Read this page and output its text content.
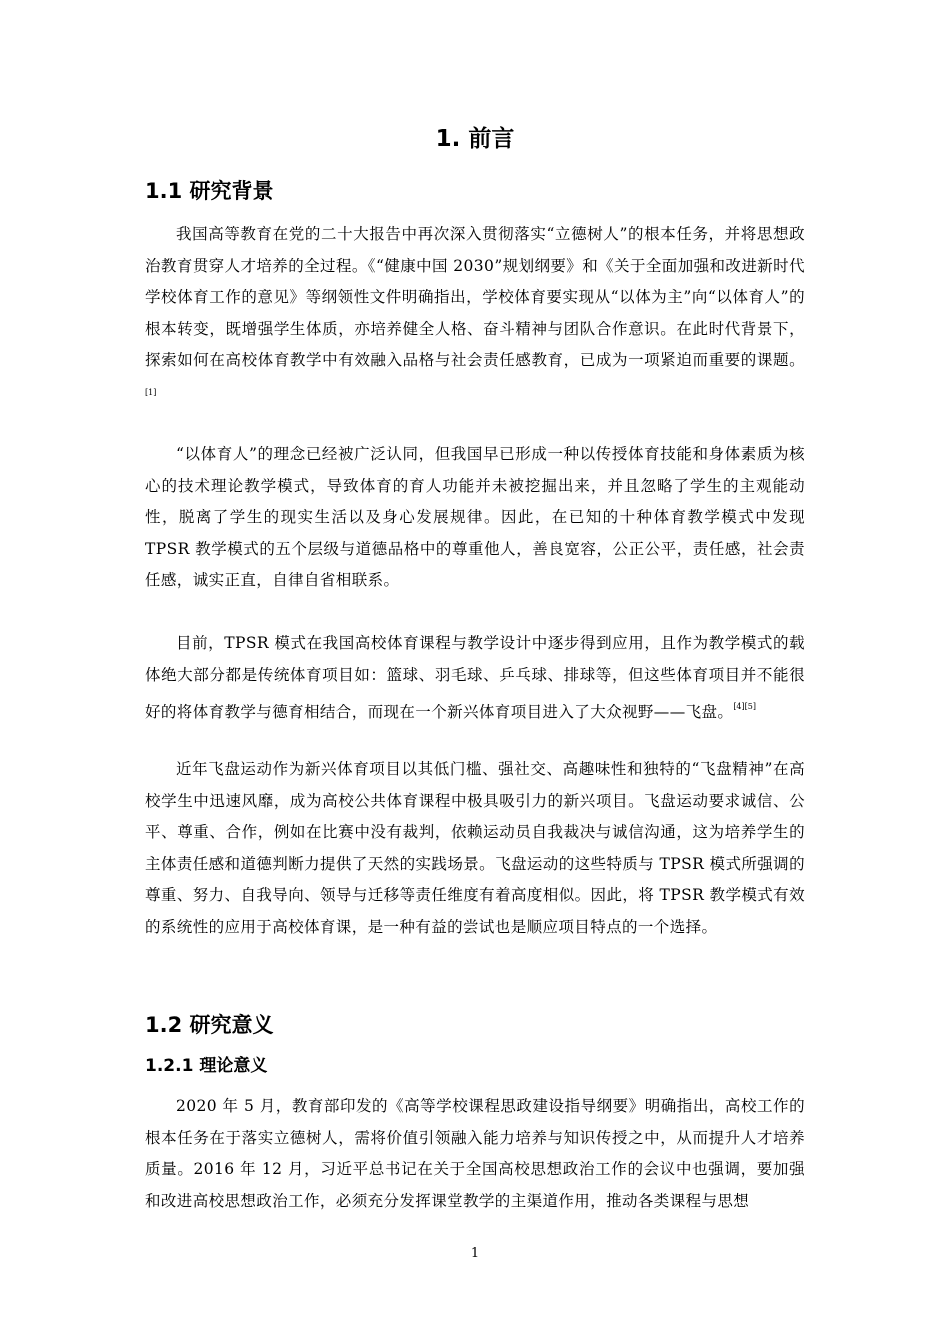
1. 前言
1.1 研究背景
我国高等教育在党的二十大报告中再次深入贯彻落实“立德树人”的根本任务，并将思想政治教育贯穿人才培养的全过程。《“健康中国 2030”规划纲要》和《关于全面加强和改进新时代学校体育工作的意见》等纲领性文件明确指出，学校体育要实现从“以体为主”向“以体育人”的根本转变，既增强学生体质，亦培养健全人格、奋斗精神与团队合作意识。在此时代背景下，探索如何在高校体育教学中有效融入品格与社会责任感教育，已成为一项紧迫而重要的课题。[1]
“以体育人”的理念已经被广泛认同，但我国早已形成一种以传授体育技能和身体素质为核心的技术理论教学模式，导致体育的育人功能并未被挖掘出来，并且忽略了学生的主观能动性，脱离了学生的现实生活以及身心发展规律。因此，在已知的十种体育教学模式中发现 TPSR 教学模式的五个层级与道德品格中的尊重他人，善良宽容，公正公平，责任感，社会责任感，诚实正直，自律自省相联系。
目前，TPSR 模式在我国高校体育课程与教学设计中逐步得到应用，且作为教学模式的载体绝大部分都是传统体育项目如：篮球、羽毛球、乒乓球、排球等，但这些体育项目并不能很好的将体育教学与德育相结合，而现在一个新兴体育项目进入了大众视野——飞盘。[4][5]
近年飞盘运动作为新兴体育项目以其低门槛、强社交、高趣味性和独特的“飞盘精神”在高校学生中迅速风靡，成为高校公共体育课程中极具吸引力的新兴项目。飞盘运动要求诚信、公平、尊重、合作，例如在比赛中没有裁判，依赖运动员自我裁决与诚信沟通，这为培养学生的主体责任感和道德判断力提供了天然的实践场景。飞盘运动的这些特质与 TPSR 模式所强调的尊重、努力、自我导向、领导与迁移等责任维度有着高度相似。因此，将 TPSR 教学模式有效的系统性的应用于高校体育课，是一种有益的尝试也是顺应项目特点的一个选择。
1.2 研究意义
1.2.1 理论意义
2020 年 5 月，教育部印发的《高等学校课程思政建设指导纲要》明确指出，高校工作的根本任务在于落实立德树人，需将价值引领融入能力培养与知识传授之中，从而提升人才培养质量。2016 年 12 月，习近平总书记在关于全国高校思想政治工作的会议中也强调，要加强和改进高校思想政治工作，必须充分发挥课堂教学的主渠道作用，推动各类课程与思想
1
